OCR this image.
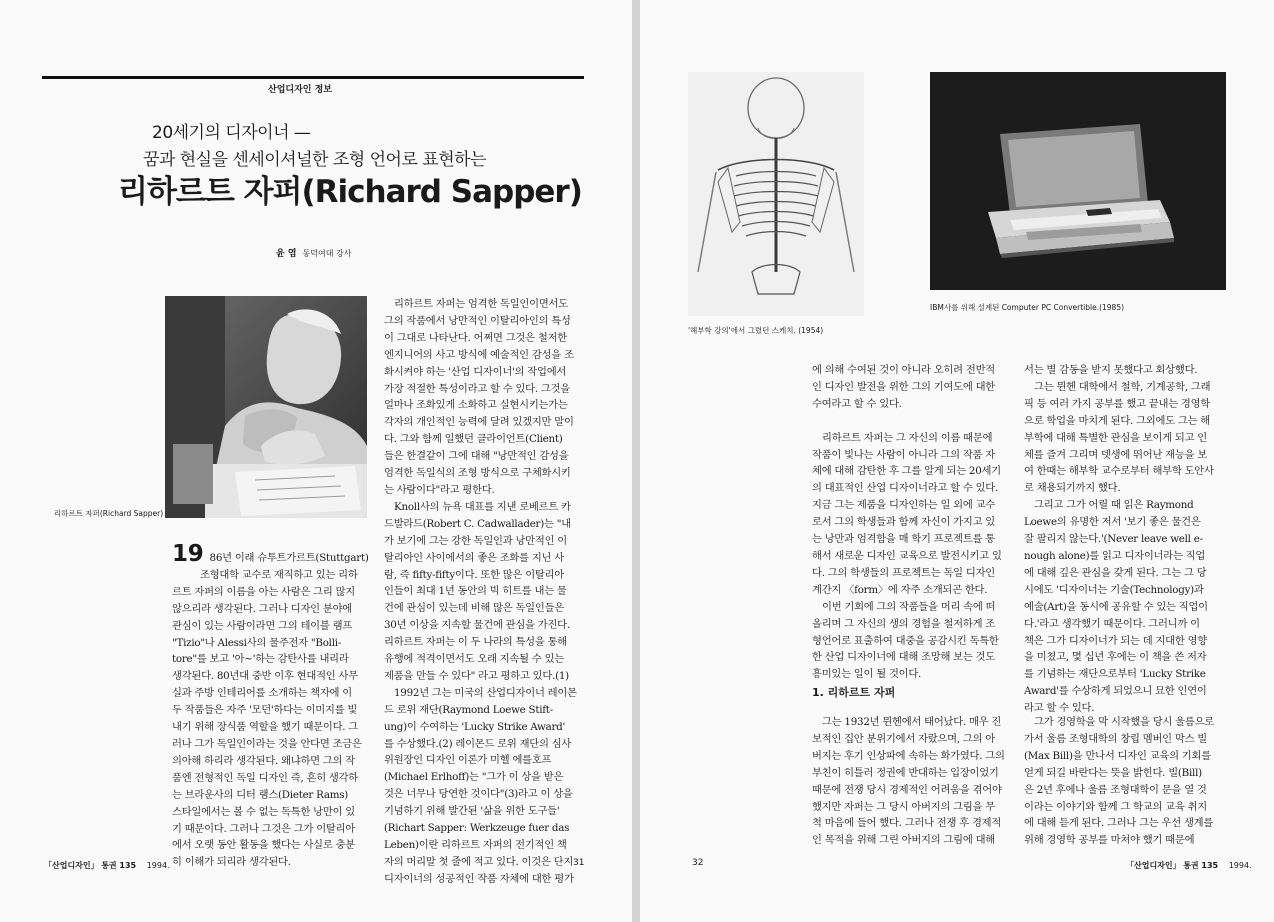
산업디자인 정보
20세기의 디자이너 —
꿈과 현실을 센세이셔널한 조형 언어로 표현하는
리하르트 자퍼(Richard Sapper)
윤 염 동덕여대 강사
리하르트 자퍼(Richard Sapper)

19 86년 이래 슈투트가르트(Stuttgart)

조형대학 교수로 재직하고 있는 리하

르트 자퍼의 이름을 아는 사람은 그리 많지

않으리라 생각된다. 그러나 디자인 분야에

관심이 있는 사람이라면 그의 테이블 램프

"Tizio"나 Alessi사의 물주전자 "Bolli-

tore"를 보고 '아~'하는 감탄사를 내리라

생각된다. 80년대 중반 이후 현대적인 사무

실과 주방 인테리어를 소개하는 책자에 이

두 작품들은 자주 '모던'하다는 이미지를 빛

내기 위해 장식품 역할을 했기 때문이다. 그

러나 그가 독일인이라는 것을 안다면 조금은

의아해 하리라 생각된다. 왜냐하면 그의 작

품엔 전형적인 독일 디자인 즉, 흔히 생각하

는 브라운사의 디터 램스(Dieter Rams)

스타일에서는 볼 수 없는 독특한 낭만이 있

기 때문이다. 그러나 그것은 그가 이탈리아

에서 오랫 동안 활동을 했다는 사실로 충분

히 이해가 되리라 생각된다.

리하르트 자퍼는 엄격한 독일인이면서도

그의 작품에서 낭만적인 이탈리아인의 특성

이 그대로 나타난다. 어쩌면 그것은 철저한

엔지니어의 사고 방식에 예술적인 감성을 조

화시켜야 하는 '산업 디자이너'의 작업에서

가장 적절한 특성이라고 할 수 있다. 그것을

얼마나 조화있게 소화하고 실현시키는가는

각자의 개인적인 능력에 달려 있겠지만 말이

다. 그와 함께 일했던 클라이언트(Client)

들은 한결같이 그에 대해 "낭만적인 감성을

엄격한 독일식의 조형 방식으로 구체화시키

는 사람이다"라고 평한다.

Knoll사의 뉴욕 대표를 지낸 로베르트 카

드발라드(Robert C. Cadwallader)는 "내

가 보기에 그는 강한 독일인과 낭만적인 이

탈리아인 사이에서의 좋은 조화를 지닌 사

람, 즉 fifty-fifty이다. 또한 많은 이탈리아

인들이 최대 1년 동안의 빅 히트를 내는 물

건에 관심이 있는데 비해 많은 독일인들은

30년 이상을 지속할 물건에 관심을 가진다.

리하르트 자퍼는 이 두 나라의 특성을 통해

유행에 적격이면서도 오래 지속될 수 있는

제품을 만들 수 있다" 라고 평하고 있다.(1)

1992년 그는 미국의 산업디자이너 레이몬

드 로위 재단(Raymond Loewe Stift-

ung)이 수여하는 'Lucky Strike Award'

를 수상했다.(2) 레이몬드 로위 재단의 심사

위원장인 디자인 이론가 미헬 에를호프

(Michael Erlhoff)는 "그가 이 상을 받은

것은 너무나 당연한 것이다"(3)라고 이 상을

기념하기 위해 발간된 '삶을 위한 도구들'

(Richart Sapper: Werkzeuge fuer das

Leben)이란 리하르트 자퍼의 전기적인 책

자의 머리말 첫 줄에 적고 있다. 이것은 단지

디자이너의 성공적인 작품 자체에 대한 평가

「산업디자인」 통권 135 1994.	31
'해부학 강의'에서 그렸던 스케치. (1954)
IBM사를 위해 설계된 Computer PC Convertible.(1985)

에 의해 수여된 것이 아니라 오히려 전반적

인 디자인 발전을 위한 그의 기여도에 대한

수여라고 할 수 있다.

리하르트 자퍼는 그 자신의 이름 때문에

작품이 빛나는 사람이 아니라 그의 작품 자

체에 대해 감탄한 후 그를 알게 되는 20세기

의 대표적인 산업 디자이너라고 할 수 있다.

지금 그는 제품을 디자인하는 일 외에 교수

로서 그의 학생들과 함께 자신이 가지고 있

는 낭만과 엄격함을 매 학기 프로젝트를 통

해서 새로운 디자인 교육으로 발전시키고 있

다. 그의 학생들의 프로젝트는 독일 디자인

계간지 〈form〉에 자주 소개되곤 한다.

이번 기회에 그의 작품들을 머리 속에 떠

올리며 그 자신의 생의 경험을 철저하게 조

형언어로 표출하여 대중을 공감시킨 독특한

한 산업 디자이너에 대해 조망해 보는 것도

흥미있는 일이 될 것이다.

1. 리하르트 자퍼

그는 1932년 뮌헨에서 태어났다. 매우 진

보적인 집안 분위기에서 자랐으며, 그의 아

버지는 후기 인상파에 속하는 화가였다. 그의

부친이 히틀러 정권에 반대하는 입장이었기

때문에 전쟁 당시 경제적인 어려움을 겪어야

했지만 자퍼는 그 당시 아버지의 그림을 무

척 마음에 들어 했다. 그러나 전쟁 후 경제적

인 목적을 위해 그린 아버지의 그림에 대해

서는 별 감동을 받지 못했다고 회상했다.

그는 뮌헨 대학에서 철학, 기계공학, 그래

픽 등 여러 가지 공부를 했고 끝내는 경영학

으로 학업을 마치게 된다. 그외에도 그는 해

부학에 대해 특별한 관심을 보이게 되고 인

체를 즐겨 그리며 뎃생에 뛰어난 재능을 보

여 한때는 해부학 교수로부터 해부학 도안사

로 채용되기까지 했다.

그리고 그가 어릴 때 읽은 Raymond

Loewe의 유명한 저서 '보기 좋은 물건은

잘 팔리지 않는다.'(Never leave well e-

nough alone)를 읽고 디자이너라는 직업

에 대해 깊은 관심을 갖게 된다. 그는 그 당

시에도 '디자이너는 기술(Technology)과

예술(Art)을 동시에 공유할 수 있는 직업이

다.'라고 생각했기 때문이다. 그러니까 이

책은 그가 디자이너가 되는 데 지대한 영향

을 미쳤고, 몇 십년 후에는 이 책을 쓴 저자

를 기념하는 재단으로부터 'Lucky Strike

Award'를 수상하게 되었으니 묘한 인연이

라고 할 수 있다.

그가 경영학을 막 시작했을 당시 울름으로

가서 울름 조형대학의 창립 멤버인 막스 빌

(Max Bill)을 만나서 디자인 교육의 기회를

얻게 되길 바란다는 뜻을 밝힌다. 빌(Bill)

은 2년 후에나 울름 조형대학이 문을 열 것

이라는 이야기와 함께 그 학교의 교육 취지

에 대해 듣게 된다. 그러나 그는 우선 생계를

위해 경영학 공부를 마쳐야 했기 때문에

32	「산업디자인」 통권 135 1994.
